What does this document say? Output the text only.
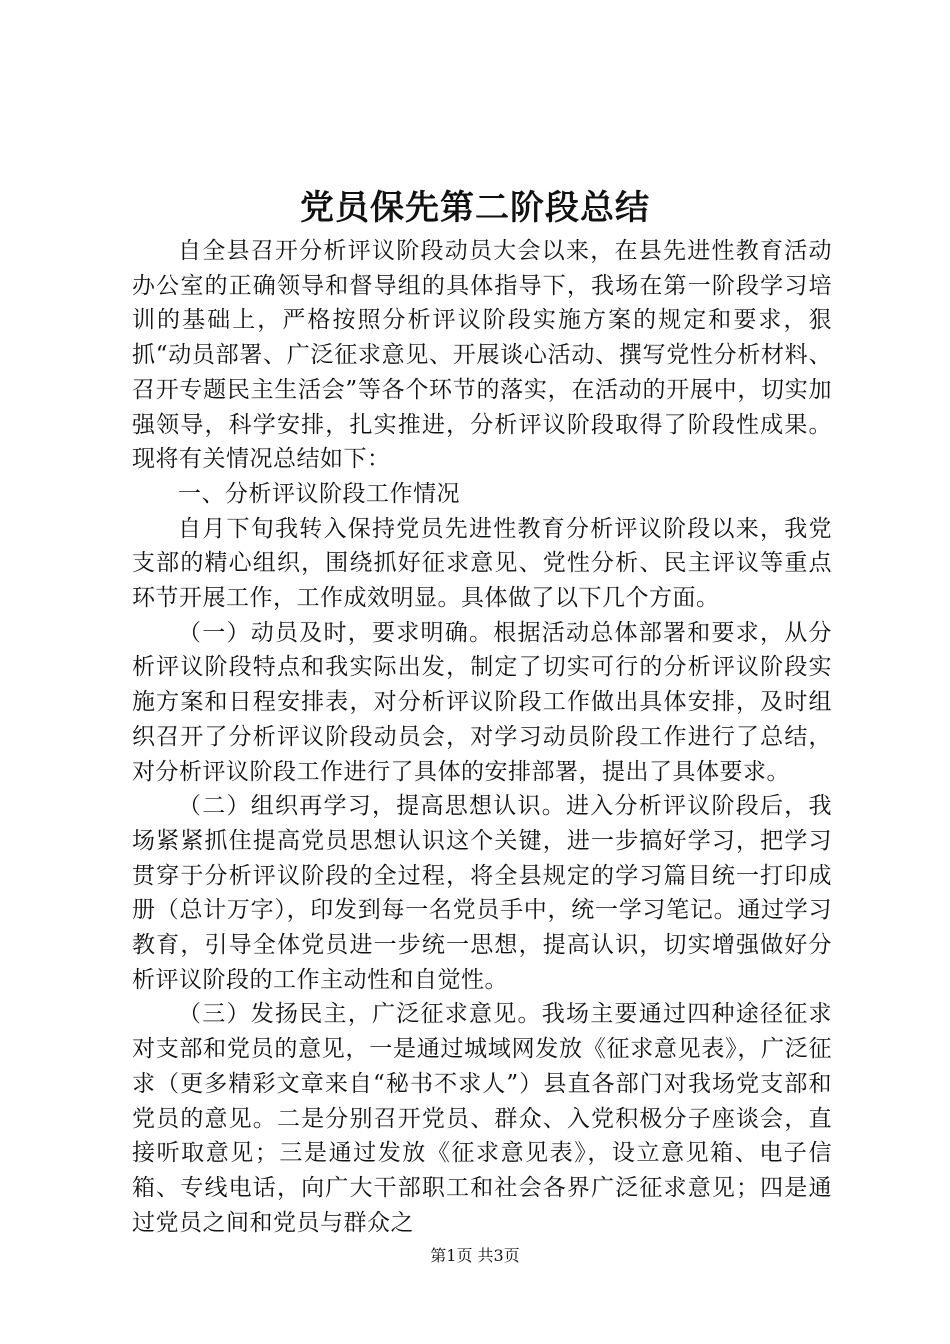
党员保先第二阶段总结

自全县召开分析评议阶段动员大会以来，在县先进性教育活动办公室的正确领导和督导组的具体指导下，我场在第一阶段学习培训的基础上，严格按照分析评议阶段实施方案的规定和要求，狠抓“动员部署、广泛征求意见、开展谈心活动、撰写党性分析材料、召开专题民主生活会”等各个环节的落实，在活动的开展中，切实加强领导，科学安排，扎实推进，分析评议阶段取得了阶段性成果。现将有关情况总结如下：

一、分析评议阶段工作情况

自月下旬我转入保持党员先进性教育分析评议阶段以来，我党支部的精心组织，围绕抓好征求意见、党性分析、民主评议等重点环节开展工作，工作成效明显。具体做了以下几个方面。

（一）动员及时，要求明确。根据活动总体部署和要求，从分析评议阶段特点和我实际出发，制定了切实可行的分析评议阶段实施方案和日程安排表，对分析评议阶段工作做出具体安排，及时组织召开了分析评议阶段动员会，对学习动员阶段工作进行了总结，对分析评议阶段工作进行了具体的安排部署，提出了具体要求。

（二）组织再学习，提高思想认识。进入分析评议阶段后，我场紧紧抓住提高党员思想认识这个关键，进一步搞好学习，把学习贯穿于分析评议阶段的全过程，将全县规定的学习篇目统一打印成册（总计万字），印发到每一名党员手中，统一学习笔记。通过学习教育，引导全体党员进一步统一思想，提高认识，切实增强做好分析评议阶段的工作主动性和自觉性。

（三）发扬民主，广泛征求意见。我场主要通过四种途径征求对支部和党员的意见，一是通过城域网发放《征求意见表》，广泛征求（更多精彩文章来自“秘书不求人”）县直各部门对我场党支部和党员的意见。二是分别召开党员、群众、入党积极分子座谈会，直接听取意见；三是通过发放《征求意见表》，设立意见箱、电子信箱、专线电话，向广大干部职工和社会各界广泛征求意见；四是通过党员之间和党员与群众之

第1页 共3页
